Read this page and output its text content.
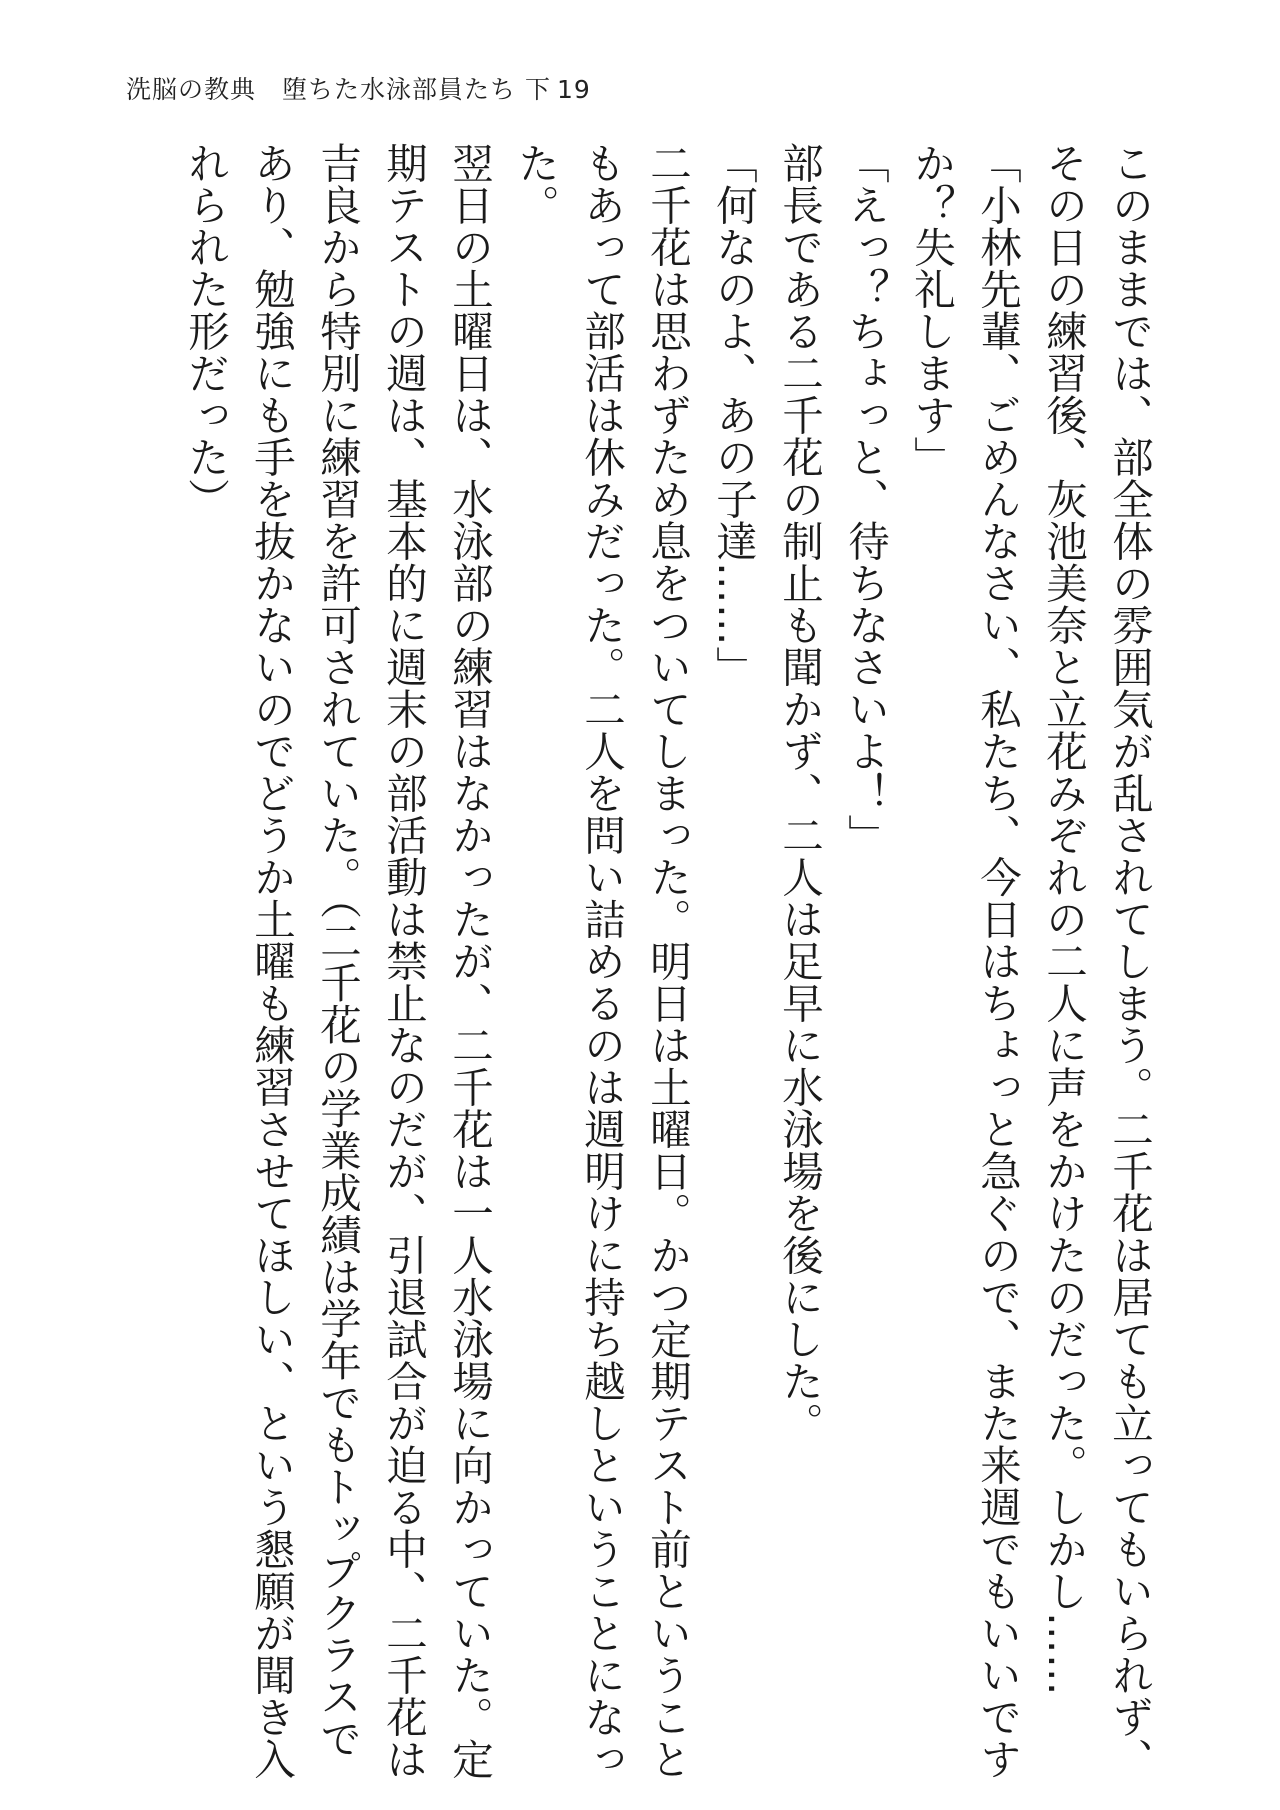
洗脳の教典　堕ちた水泳部員たち 下 19

このままでは、部全体の雰囲気が乱されてしまう。二千花は居ても立ってもいられず、その日の練習後、灰池美奈と立花みぞれの二人に声をかけたのだった。しかし……

「小林先輩、ごめんなさい、私たち、今日はちょっと急ぐので、また来週でもいいですか？失礼します」

「えっ？ちょっと、待ちなさいよ！」

部長である二千花の制止も聞かず、二人は足早に水泳場を後にした。

「何なのよ、あの子達……」

二千花は思わずため息をついてしまった。明日は土曜日。かつ定期テスト前ということもあって部活は休みだった。二人を問い詰めるのは週明けに持ち越しということになった。

翌日の土曜日は、水泳部の練習はなかったが、二千花は一人水泳場に向かっていた。定期テストの週は、基本的に週末の部活動は禁止なのだが、引退試合が迫る中、二千花は吉良から特別に練習を許可されていた。（二千花の学業成績は学年でもトップクラスであり、勉強にも手を抜かないのでどうか土曜も練習させてほしい、という懇願が聞き入れられた形だった）
